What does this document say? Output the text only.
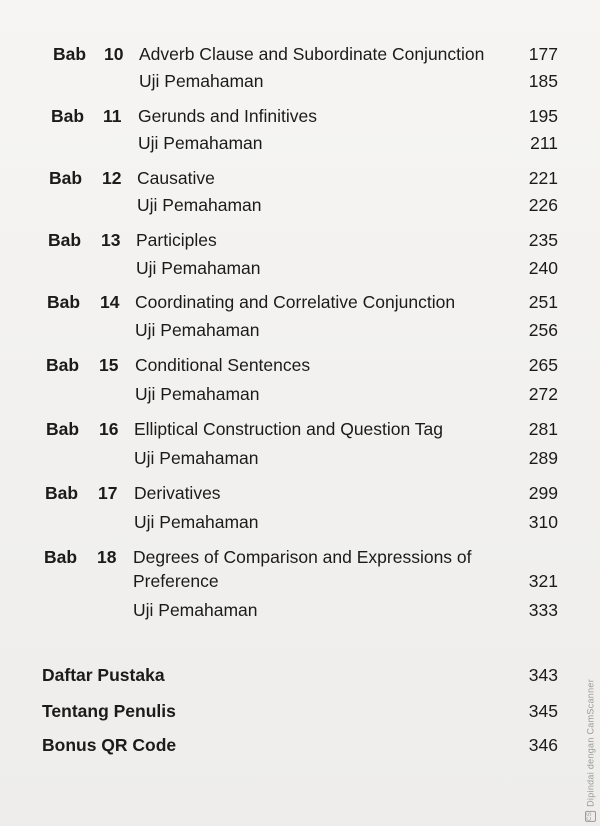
Bab 10 Adverb Clause and Subordinate Conjunction	177
Uji Pemahaman	185
Bab 11 Gerunds and Infinitives	195
Uji Pemahaman	211
Bab 12 Causative	221
Uji Pemahaman	226
Bab 13 Participles	235
Uji Pemahaman	240
Bab 14 Coordinating and Correlative Conjunction	251
Uji Pemahaman	256
Bab 15 Conditional Sentences	265
Uji Pemahaman	272
Bab 16 Elliptical Construction and Question Tag	281
Uji Pemahaman	289
Bab 17 Derivatives	299
Uji Pemahaman	310
Bab 18 Degrees of Comparison and Expressions of
Preference	321
Uji Pemahaman	333
Daftar Pustaka	343
Tentang Penulis	345
Bonus QR Code	346
CS
Dipindai dengan CamScanner
